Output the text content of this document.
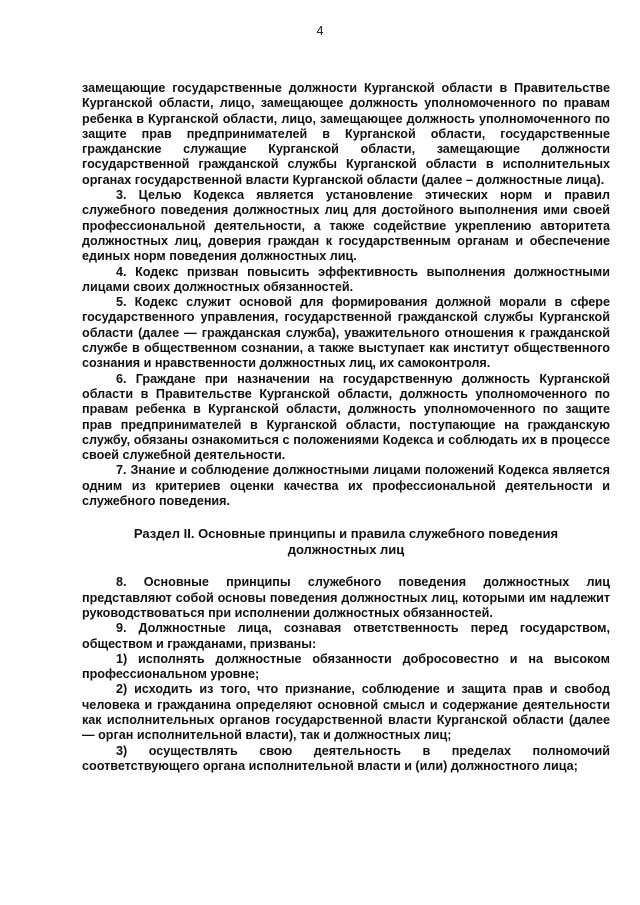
4

замещающие государственные должности Курганской области в Правительстве Курганской области, лицо, замещающее должность уполномоченного по правам ребенка в Курганской области, лицо, замещающее должность уполномоченного по защите прав предпринимателей в Курганской области, государственные гражданские служащие Курганской области, замещающие должности государственной гражданской службы Курганской области в исполнительных органах государственной власти Курганской области (далее – должностные лица).

3. Целью Кодекса является установление этических норм и правил служебного поведения должностных лиц для достойного выполнения ими своей профессиональной деятельности, а также содействие укреплению авторитета должностных лиц, доверия граждан к государственным органам и обеспечение единых норм поведения должностных лиц.

4. Кодекс призван повысить эффективность выполнения должностными лицами своих должностных обязанностей.

5. Кодекс служит основой для формирования должной морали в сфере государственного управления, государственной гражданской службы Курганской области (далее — гражданская служба), уважительного отношения к гражданской службе в общественном сознании, а также выступает как институт общественного сознания и нравственности должностных лиц, их самоконтроля.

6. Граждане при назначении на государственную должность Курганской области в Правительстве Курганской области, должность уполномоченного по правам ребенка в Курганской области, должность уполномоченного по защите прав предпринимателей в Курганской области, поступающие на гражданскую службу, обязаны ознакомиться с положениями Кодекса и соблюдать их в процессе своей служебной деятельности.

7. Знание и соблюдение должностными лицами положений Кодекса является одним из критериев оценки качества их профессиональной деятельности и служебного поведения.

Раздел II. Основные принципы и правила служебного поведения
должностных лиц

8. Основные принципы служебного поведения должностных лиц представляют собой основы поведения должностных лиц, которыми им надлежит руководствоваться при исполнении должностных обязанностей.

9. Должностные лица, сознавая ответственность перед государством, обществом и гражданами, призваны:

1) исполнять должностные обязанности добросовестно и на высоком профессиональном уровне;

2) исходить из того, что признание, соблюдение и защита прав и свобод человека и гражданина определяют основной смысл и содержание деятельности как исполнительных органов государственной власти Курганской области (далее — орган исполнительной власти), так и должностных лиц;

3) осуществлять свою деятельность в пределах полномочий соответствующего органа исполнительной власти и (или) должностного лица;
